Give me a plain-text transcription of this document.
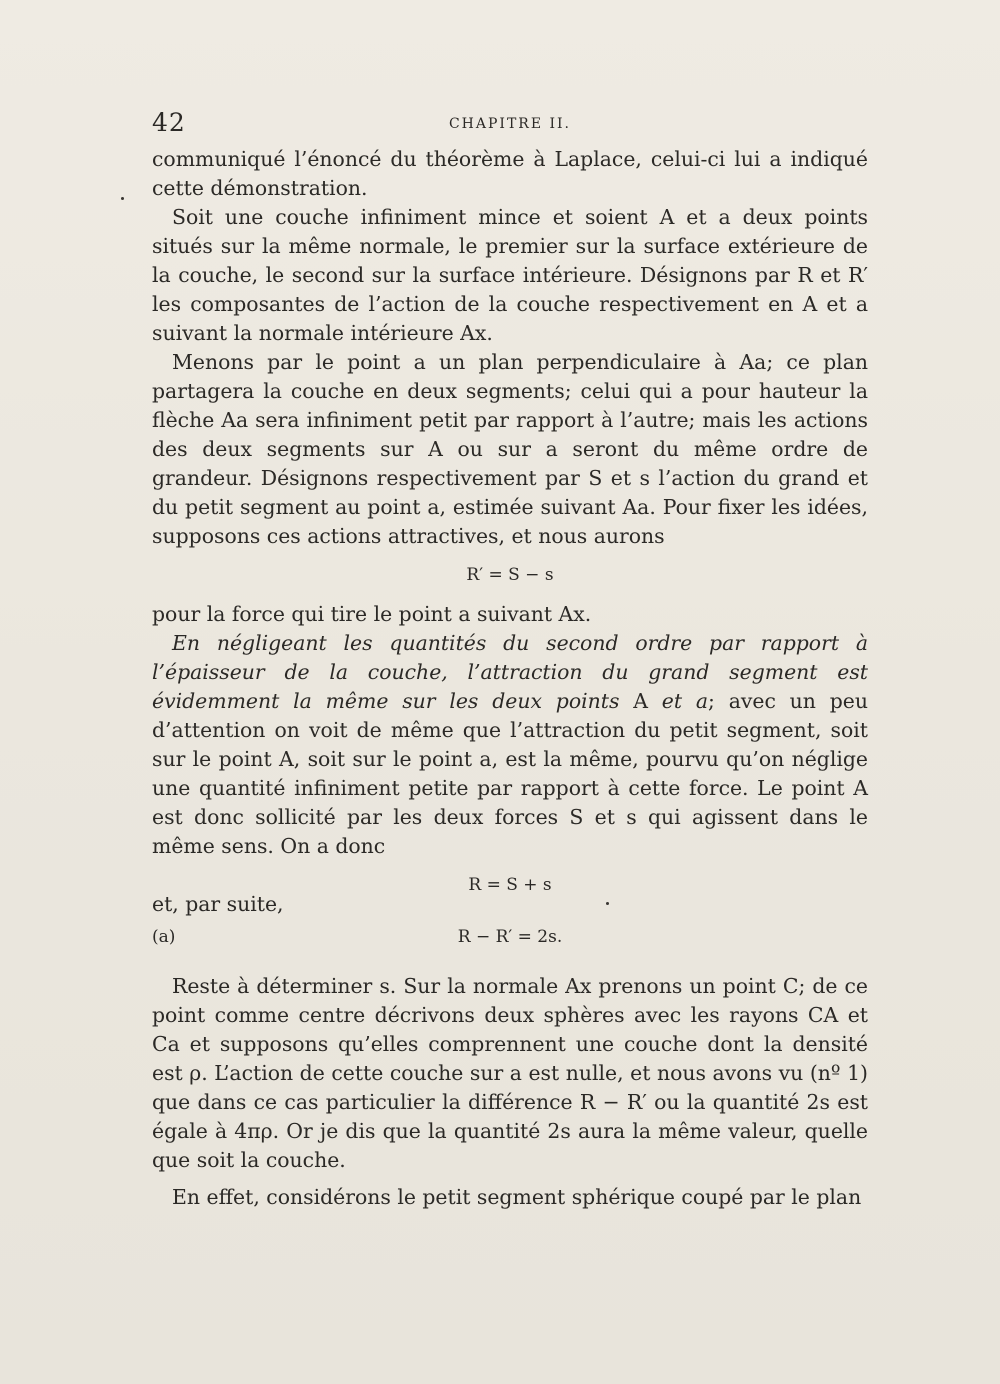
42	CHAPITRE II.

communiqué l’énoncé du théorème à Laplace, celui-ci lui a indiqué cette démonstration.

Soit une couche infiniment mince et soient A et a deux points situés sur la même normale, le premier sur la surface extérieure de la couche, le second sur la surface intérieure. Désignons par R et R′ les composantes de l’action de la couche respectivement en A et a suivant la normale intérieure Ax.

Menons par le point a un plan perpendiculaire à Aa; ce plan partagera la couche en deux segments; celui qui a pour hauteur la flèche Aa sera infiniment petit par rapport à l’autre; mais les actions des deux segments sur A ou sur a seront du même ordre de grandeur. Désignons respectivement par S et s l’action du grand et du petit segment au point a, estimée suivant Aa. Pour fixer les idées, supposons ces actions attractives, et nous aurons

R′ = S − s

pour la force qui tire le point a suivant Ax.

En négligeant les quantités du second ordre par rapport à l’épaisseur de la couche, l’attraction du grand segment est évidemment la même sur les deux points A et a; avec un peu d’attention on voit de même que l’attraction du petit segment, soit sur le point A, soit sur le point a, est la même, pourvu qu’on néglige une quantité infiniment petite par rapport à cette force. Le point A est donc sollicité par les deux forces S et s qui agissent dans le même sens. On a donc

R = S + s
et, par suite,
(a)	R − R′ = 2s.

Reste à déterminer s. Sur la normale Ax prenons un point C; de ce point comme centre décrivons deux sphères avec les rayons CA et Ca et supposons qu’elles comprennent une couche dont la densité est ρ. L’action de cette couche sur a est nulle, et nous avons vu (nº 1) que dans ce cas particulier la différence R − R′ ou la quantité 2s est égale à 4πρ. Or je dis que la quantité 2s aura la même valeur, quelle que soit la couche.

En effet, considérons le petit segment sphérique coupé par le plan
